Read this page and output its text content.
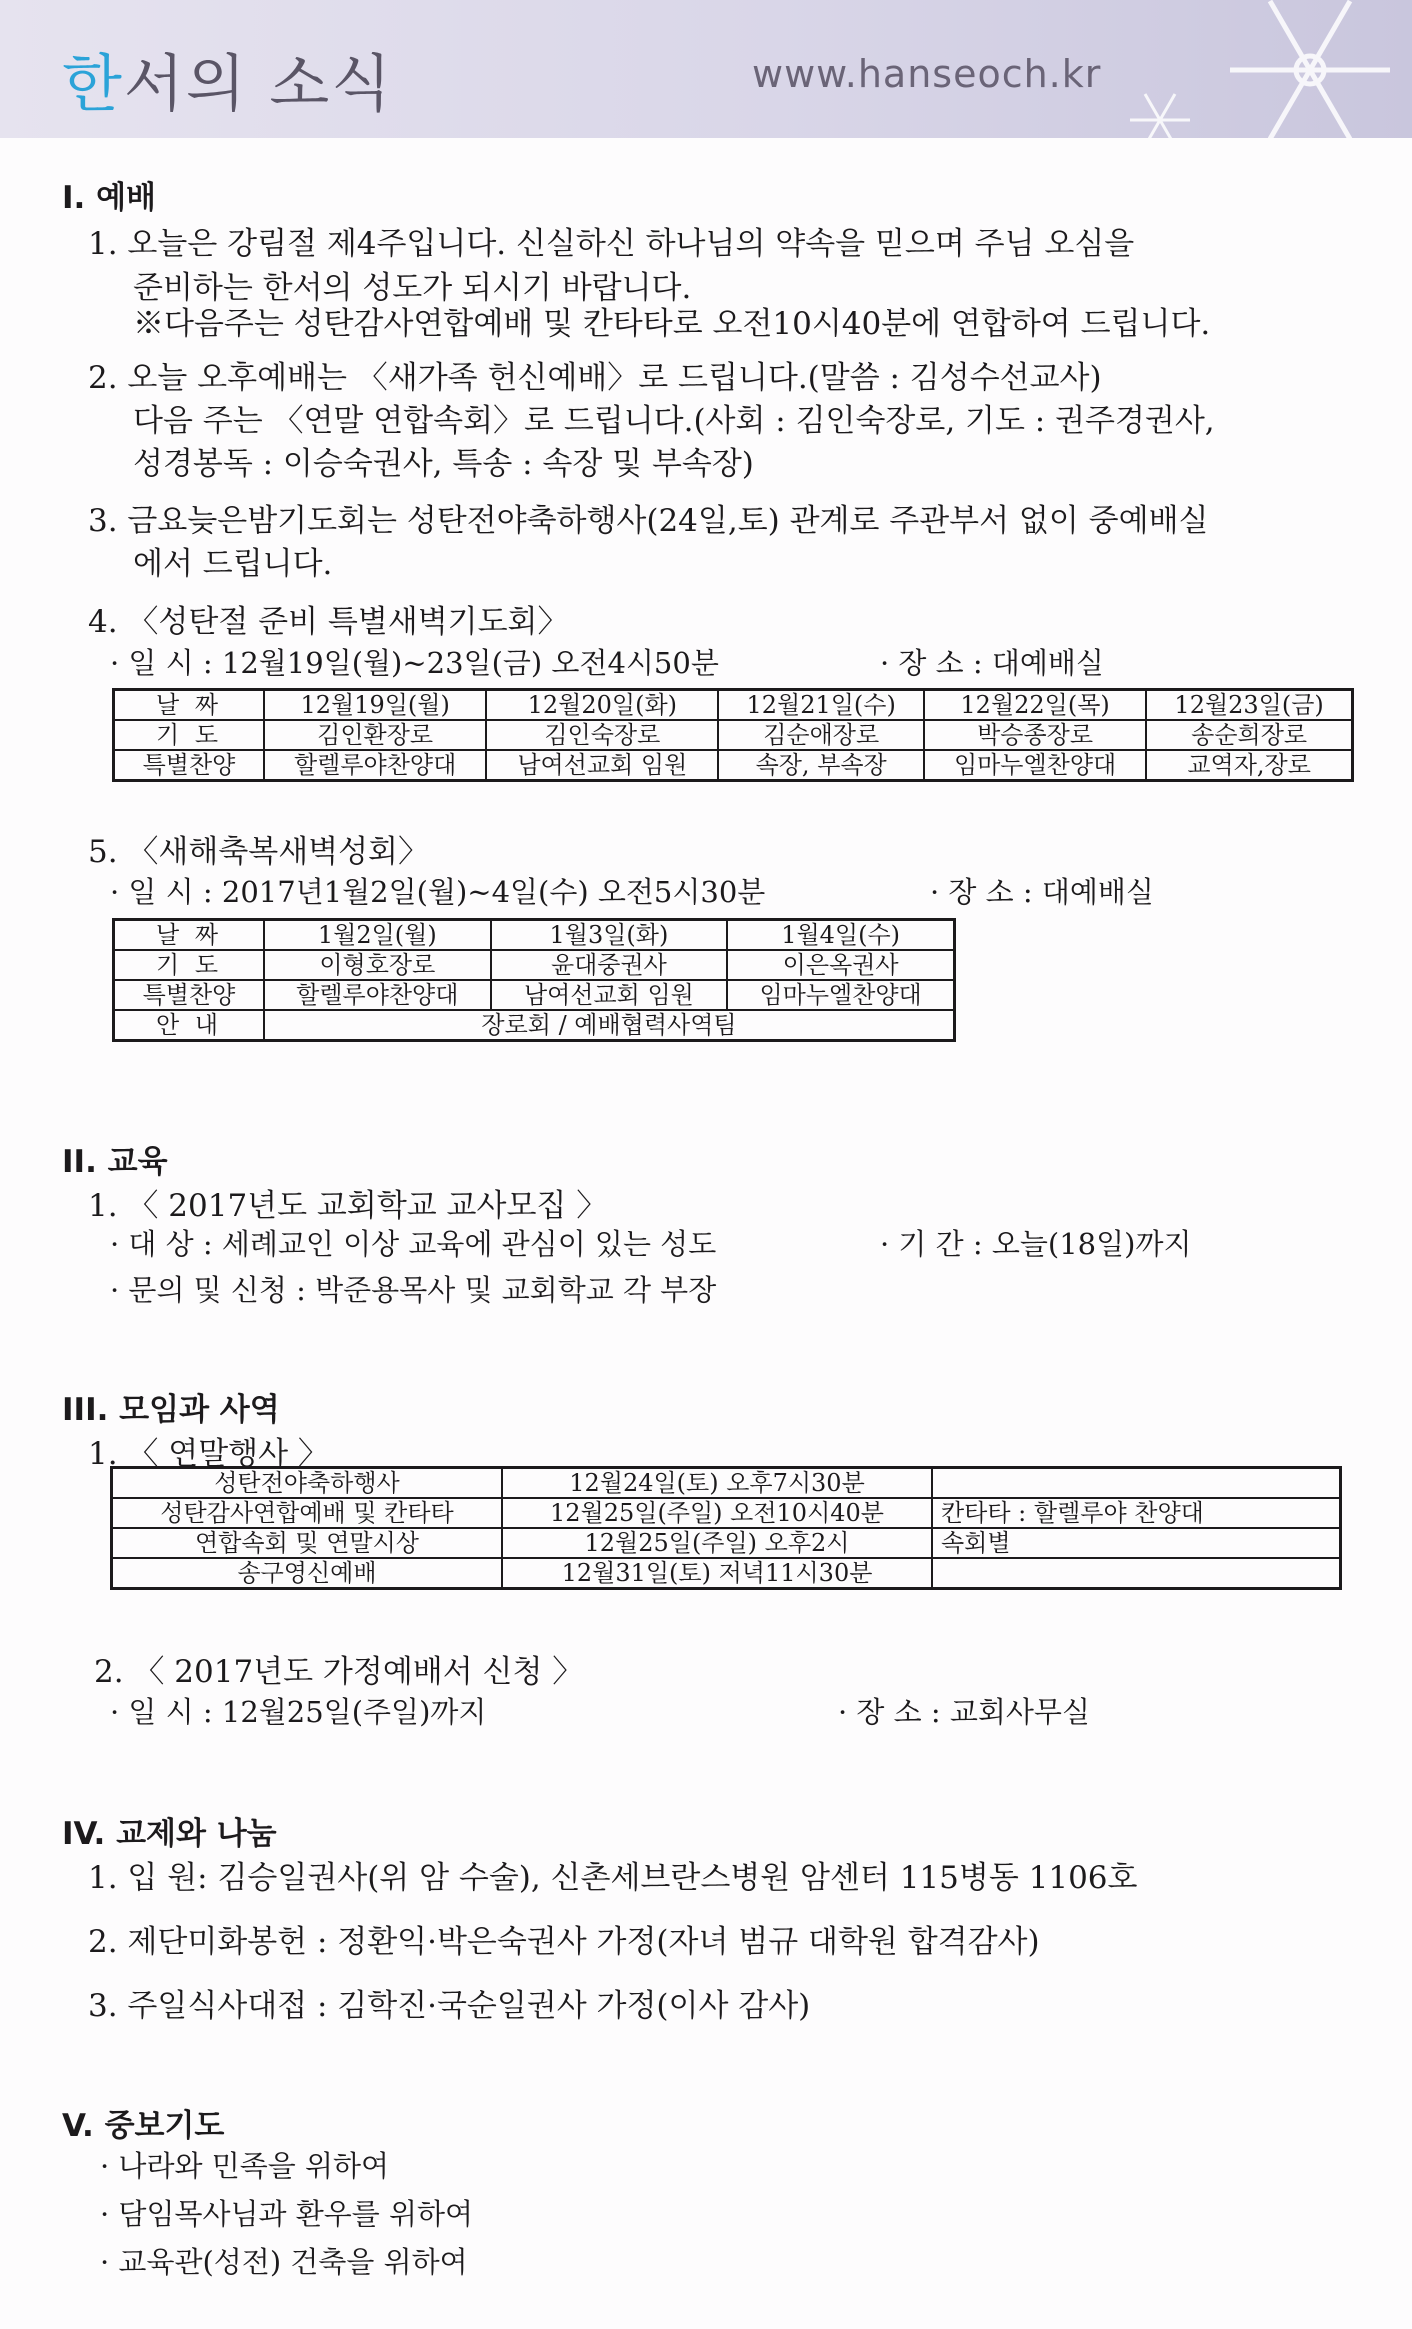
한서의 소식	www.hanseoch.kr
I. 예배
1. 오늘은 강림절 제4주입니다. 신실하신 하나님의 약속을 믿으며 주님 오심을
준비하는 한서의 성도가 되시기 바랍니다.
※다음주는 성탄감사연합예배 및 칸타타로 오전10시40분에 연합하여 드립니다.
2. 오늘 오후예배는 〈새가족 헌신예배〉로 드립니다.(말씀 : 김성수선교사)
다음 주는 〈연말 연합속회〉로 드립니다.(사회 : 김인숙장로, 기도 : 권주경권사,
성경봉독 : 이승숙권사, 특송 : 속장 및 부속장)
3. 금요늦은밤기도회는 성탄전야축하행사(24일,토) 관계로 주관부서 없이 중예배실
에서 드립니다.
4. 〈성탄절 준비 특별새벽기도회〉
· 일 시 : 12월19일(월)~23일(금) 오전4시50분	· 장 소 : 대예배실
날 짜	12월19일(월)	12월20일(화)	12월21일(수)	12월22일(목)	12월23일(금)
기 도	김인환장로	김인숙장로	김순애장로	박승종장로	송순희장로
특별찬양	할렐루야찬양대	남여선교회 임원	속장, 부속장	임마누엘찬양대	교역자,장로
5. 〈새해축복새벽성회〉
· 일 시 : 2017년1월2일(월)~4일(수) 오전5시30분	· 장 소 : 대예배실
날 짜	1월2일(월)	1월3일(화)	1월4일(수)
기 도	이형호장로	윤대중권사	이은옥권사
특별찬양	할렐루야찬양대	남여선교회 임원	임마누엘찬양대
안 내	장로회 / 예배협력사역팀		
II. 교육
1. 〈 2017년도 교회학교 교사모집 〉
· 대 상 : 세례교인 이상 교육에 관심이 있는 성도	· 기 간 : 오늘(18일)까지
· 문의 및 신청 : 박준용목사 및 교회학교 각 부장
III. 모임과 사역
1. 〈 연말행사 〉
성탄전야축하행사	12월24일(토) 오후7시30분	
성탄감사연합예배 및 칸타타	12월25일(주일) 오전10시40분	칸타타 : 할렐루야 찬양대
연합속회 및 연말시상	12월25일(주일) 오후2시	속회별
송구영신예배	12월31일(토) 저녁11시30분	
2. 〈 2017년도 가정예배서 신청 〉
· 일 시 : 12월25일(주일)까지	· 장 소 : 교회사무실
IV. 교제와 나눔
1. 입 원: 김승일권사(위 암 수술), 신촌세브란스병원 암센터 115병동 1106호
2. 제단미화봉헌 : 정환익·박은숙권사 가정(자녀 범규 대학원 합격감사)
3. 주일식사대접 : 김학진·국순일권사 가정(이사 감사)
V. 중보기도
· 나라와 민족을 위하여
· 담임목사님과 환우를 위하여
· 교육관(성전) 건축을 위하여
